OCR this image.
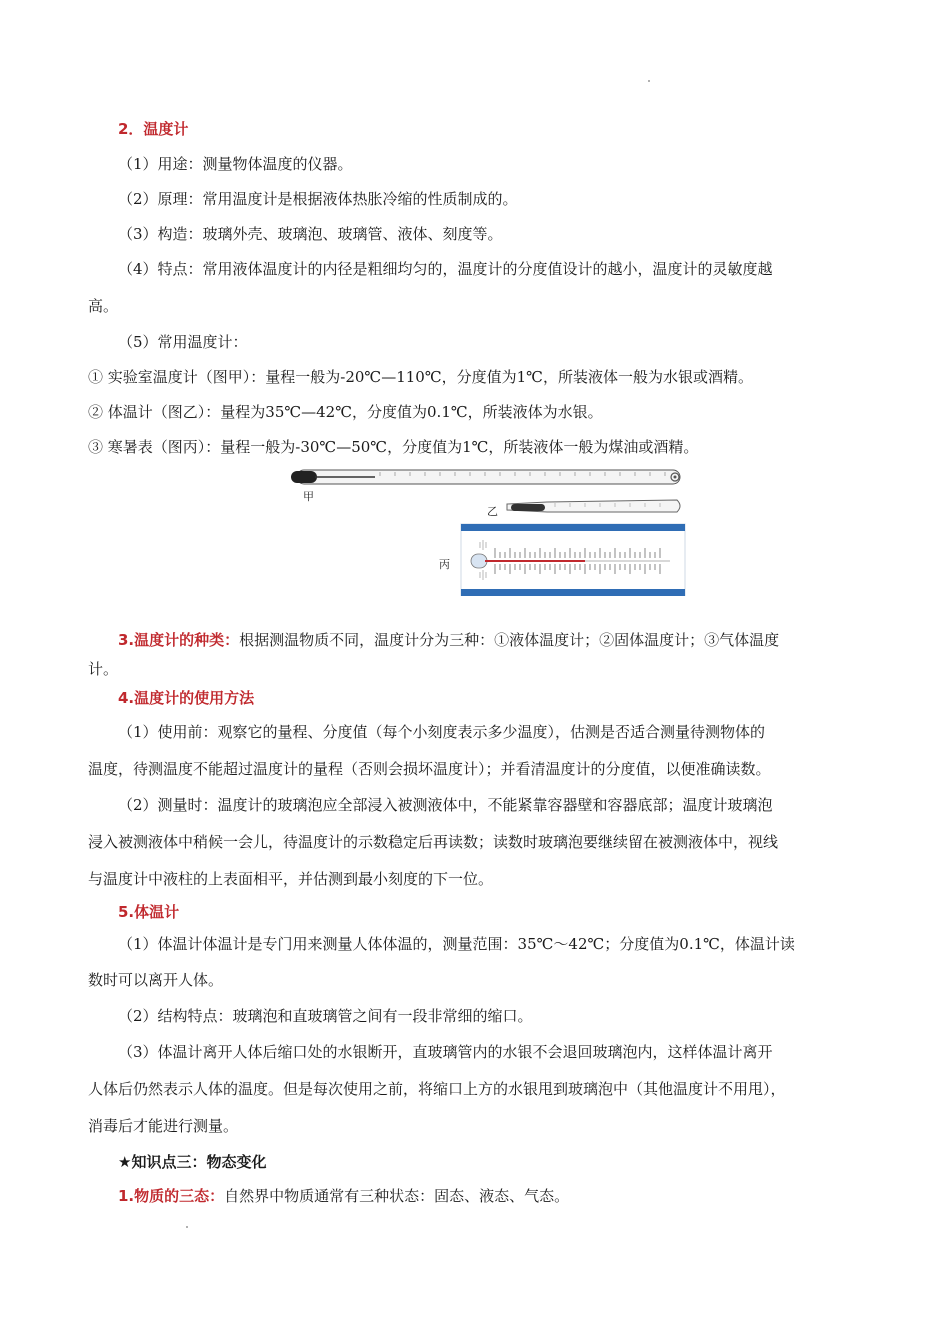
2．温度计
（1）用途：测量物体温度的仪器。
（2）原理：常用温度计是根据液体热胀冷缩的性质制成的。
（3）构造：玻璃外壳、玻璃泡、玻璃管、液体、刻度等。
（4）特点：常用液体温度计的内径是粗细均匀的，温度计的分度值设计的越小，温度计的灵敏度越
高。
（5）常用温度计：
① 实验室温度计（图甲）：量程一般为-20℃—110℃，分度值为1℃，所装液体一般为水银或酒精。
② 体温计（图乙）：量程为35℃—42℃，分度值为0.1℃，所装液体为水银。
③ 寒暑表（图丙）：量程一般为-30℃—50℃，分度值为1℃，所装液体一般为煤油或酒精。
甲
乙
丙
3.温度计的种类：根据测温物质不同，温度计分为三种：①液体温度计；②固体温度计；③气体温度
计。
4.温度计的使用方法
（1）使用前：观察它的量程、分度值（每个小刻度表示多少温度），估测是否适合测量待测物体的
温度，待测温度不能超过温度计的量程（否则会损坏温度计）；并看清温度计的分度值，以便准确读数。
（2）测量时：温度计的玻璃泡应全部浸入被测液体中，不能紧靠容器壁和容器底部；温度计玻璃泡
浸入被测液体中稍候一会儿，待温度计的示数稳定后再读数；读数时玻璃泡要继续留在被测液体中，视线
与温度计中液柱的上表面相平，并估测到最小刻度的下一位。
5.体温计
（1）体温计体温计是专门用来测量人体体温的，测量范围：35℃～42℃；分度值为0.1℃，体温计读
数时可以离开人体。
（2）结构特点：玻璃泡和直玻璃管之间有一段非常细的缩口。
（3）体温计离开人体后缩口处的水银断开，直玻璃管内的水银不会退回玻璃泡内，这样体温计离开
人体后仍然表示人体的温度。但是每次使用之前，将缩口上方的水银甩到玻璃泡中（其他温度计不用甩），
消毒后才能进行测量。
★知识点三：物态变化
1.物质的三态：自然界中物质通常有三种状态：固态、液态、气态。
